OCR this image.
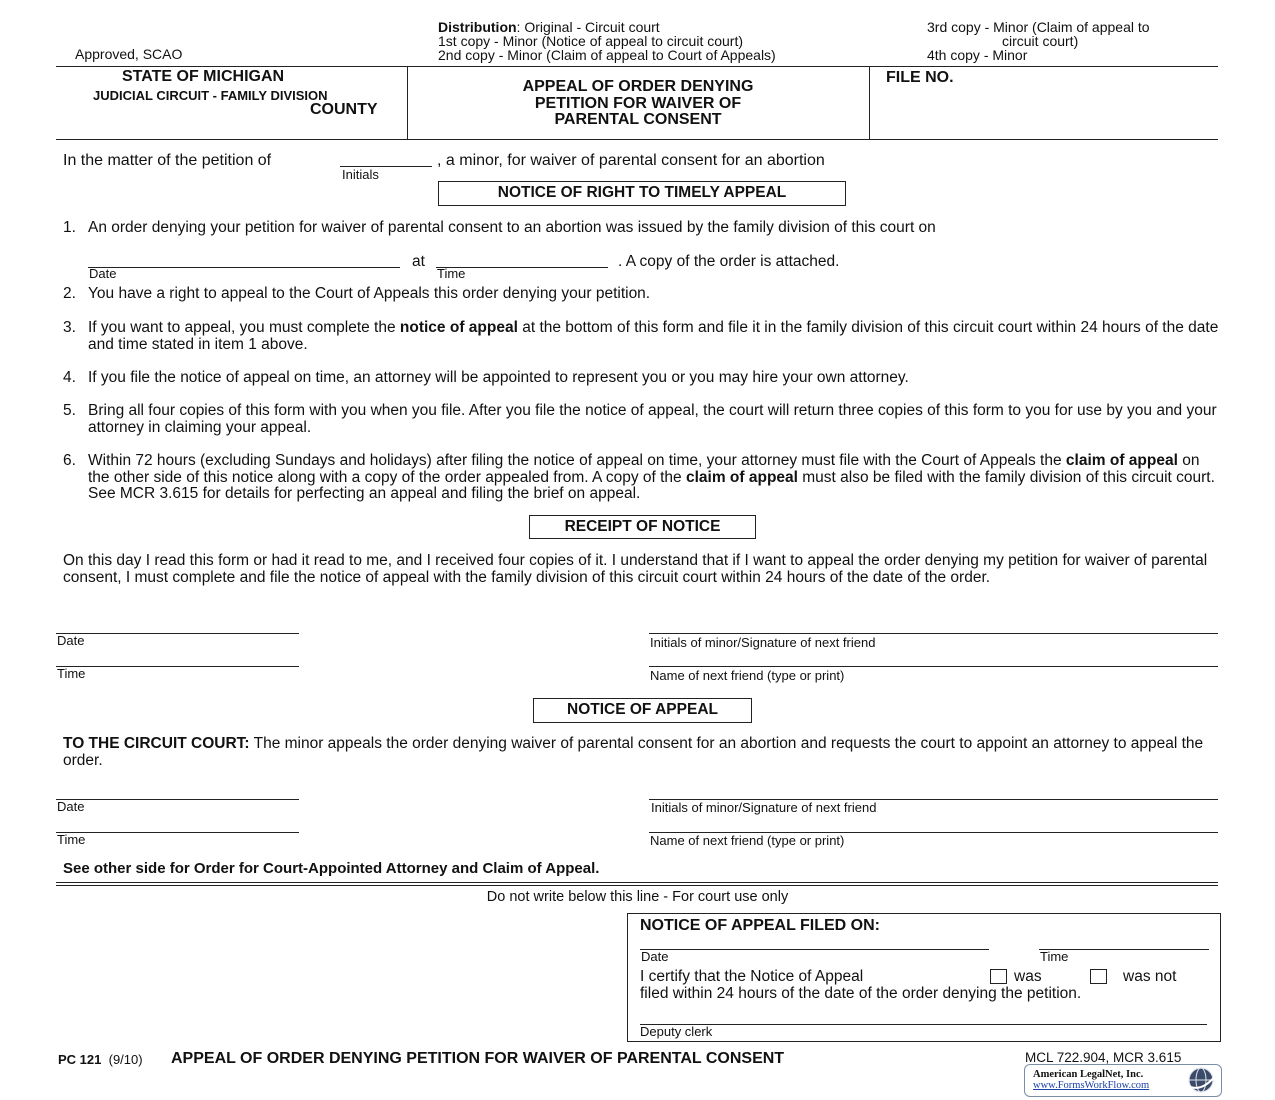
Approved, SCAO
Distribution: Original - Circuit court
1st copy - Minor (Notice of appeal to circuit court)
2nd copy - Minor (Claim of appeal to Court of Appeals)
3rd copy - Minor (Claim of appeal to
circuit court)
4th copy - Minor
STATE OF MICHIGAN
JUDICIAL CIRCUIT - FAMILY DIVISION
COUNTY
APPEAL OF ORDER DENYING
PETITION FOR WAIVER OF
PARENTAL CONSENT
FILE NO.
In the matter of the petition of	, a minor, for waiver of parental consent for an abortion
Initials
NOTICE OF RIGHT TO TIMELY APPEAL
1. An order denying your petition for waiver of parental consent to an abortion was issued by the family division of this court on
at	. A copy of the order is attached.
Date	Time
2. You have a right to appeal to the Court of Appeals this order denying your petition.
3. If you want to appeal, you must complete the notice of appeal at the bottom of this form and file it in the family division of this circuit court within 24 hours of the date and time stated in item 1 above.
4. If you file the notice of appeal on time, an attorney will be appointed to represent you or you may hire your own attorney.
5. Bring all four copies of this form with you when you file. After you file the notice of appeal, the court will return three copies of this form to you for use by you and your attorney in claiming your appeal.
6. Within 72 hours (excluding Sundays and holidays) after filing the notice of appeal on time, your attorney must file with the Court of Appeals the claim of appeal on the other side of this notice along with a copy of the order appealed from. A copy of the claim of appeal must also be filed with the family division of this circuit court. See MCR 3.615 for details for perfecting an appeal and filing the brief on appeal.
RECEIPT OF NOTICE
On this day I read this form or had it read to me, and I received four copies of it. I understand that if I want to appeal the order denying my petition for waiver of parental consent, I must complete and file the notice of appeal with the family division of this circuit court within 24 hours of the date of the order.
Date
Time
Initials of minor/Signature of next friend
Name of next friend (type or print)
NOTICE OF APPEAL
TO THE CIRCUIT COURT: The minor appeals the order denying waiver of parental consent for an abortion and requests the court to appoint an attorney to appeal the order.
Date
Time
Initials of minor/Signature of next friend
Name of next friend (type or print)
See other side for Order for Court-Appointed Attorney and Claim of Appeal.
Do not write below this line - For court use only
NOTICE OF APPEAL FILED ON:
Date	Time
I certify that the Notice of Appeal	was	was not
filed within 24 hours of the date of the order denying the petition.
Deputy clerk
PC 121 (9/10) APPEAL OF ORDER DENYING PETITION FOR WAIVER OF PARENTAL CONSENT	MCL 722.904, MCR 3.615
American LegalNet, Inc.
www.FormsWorkFlow.com
